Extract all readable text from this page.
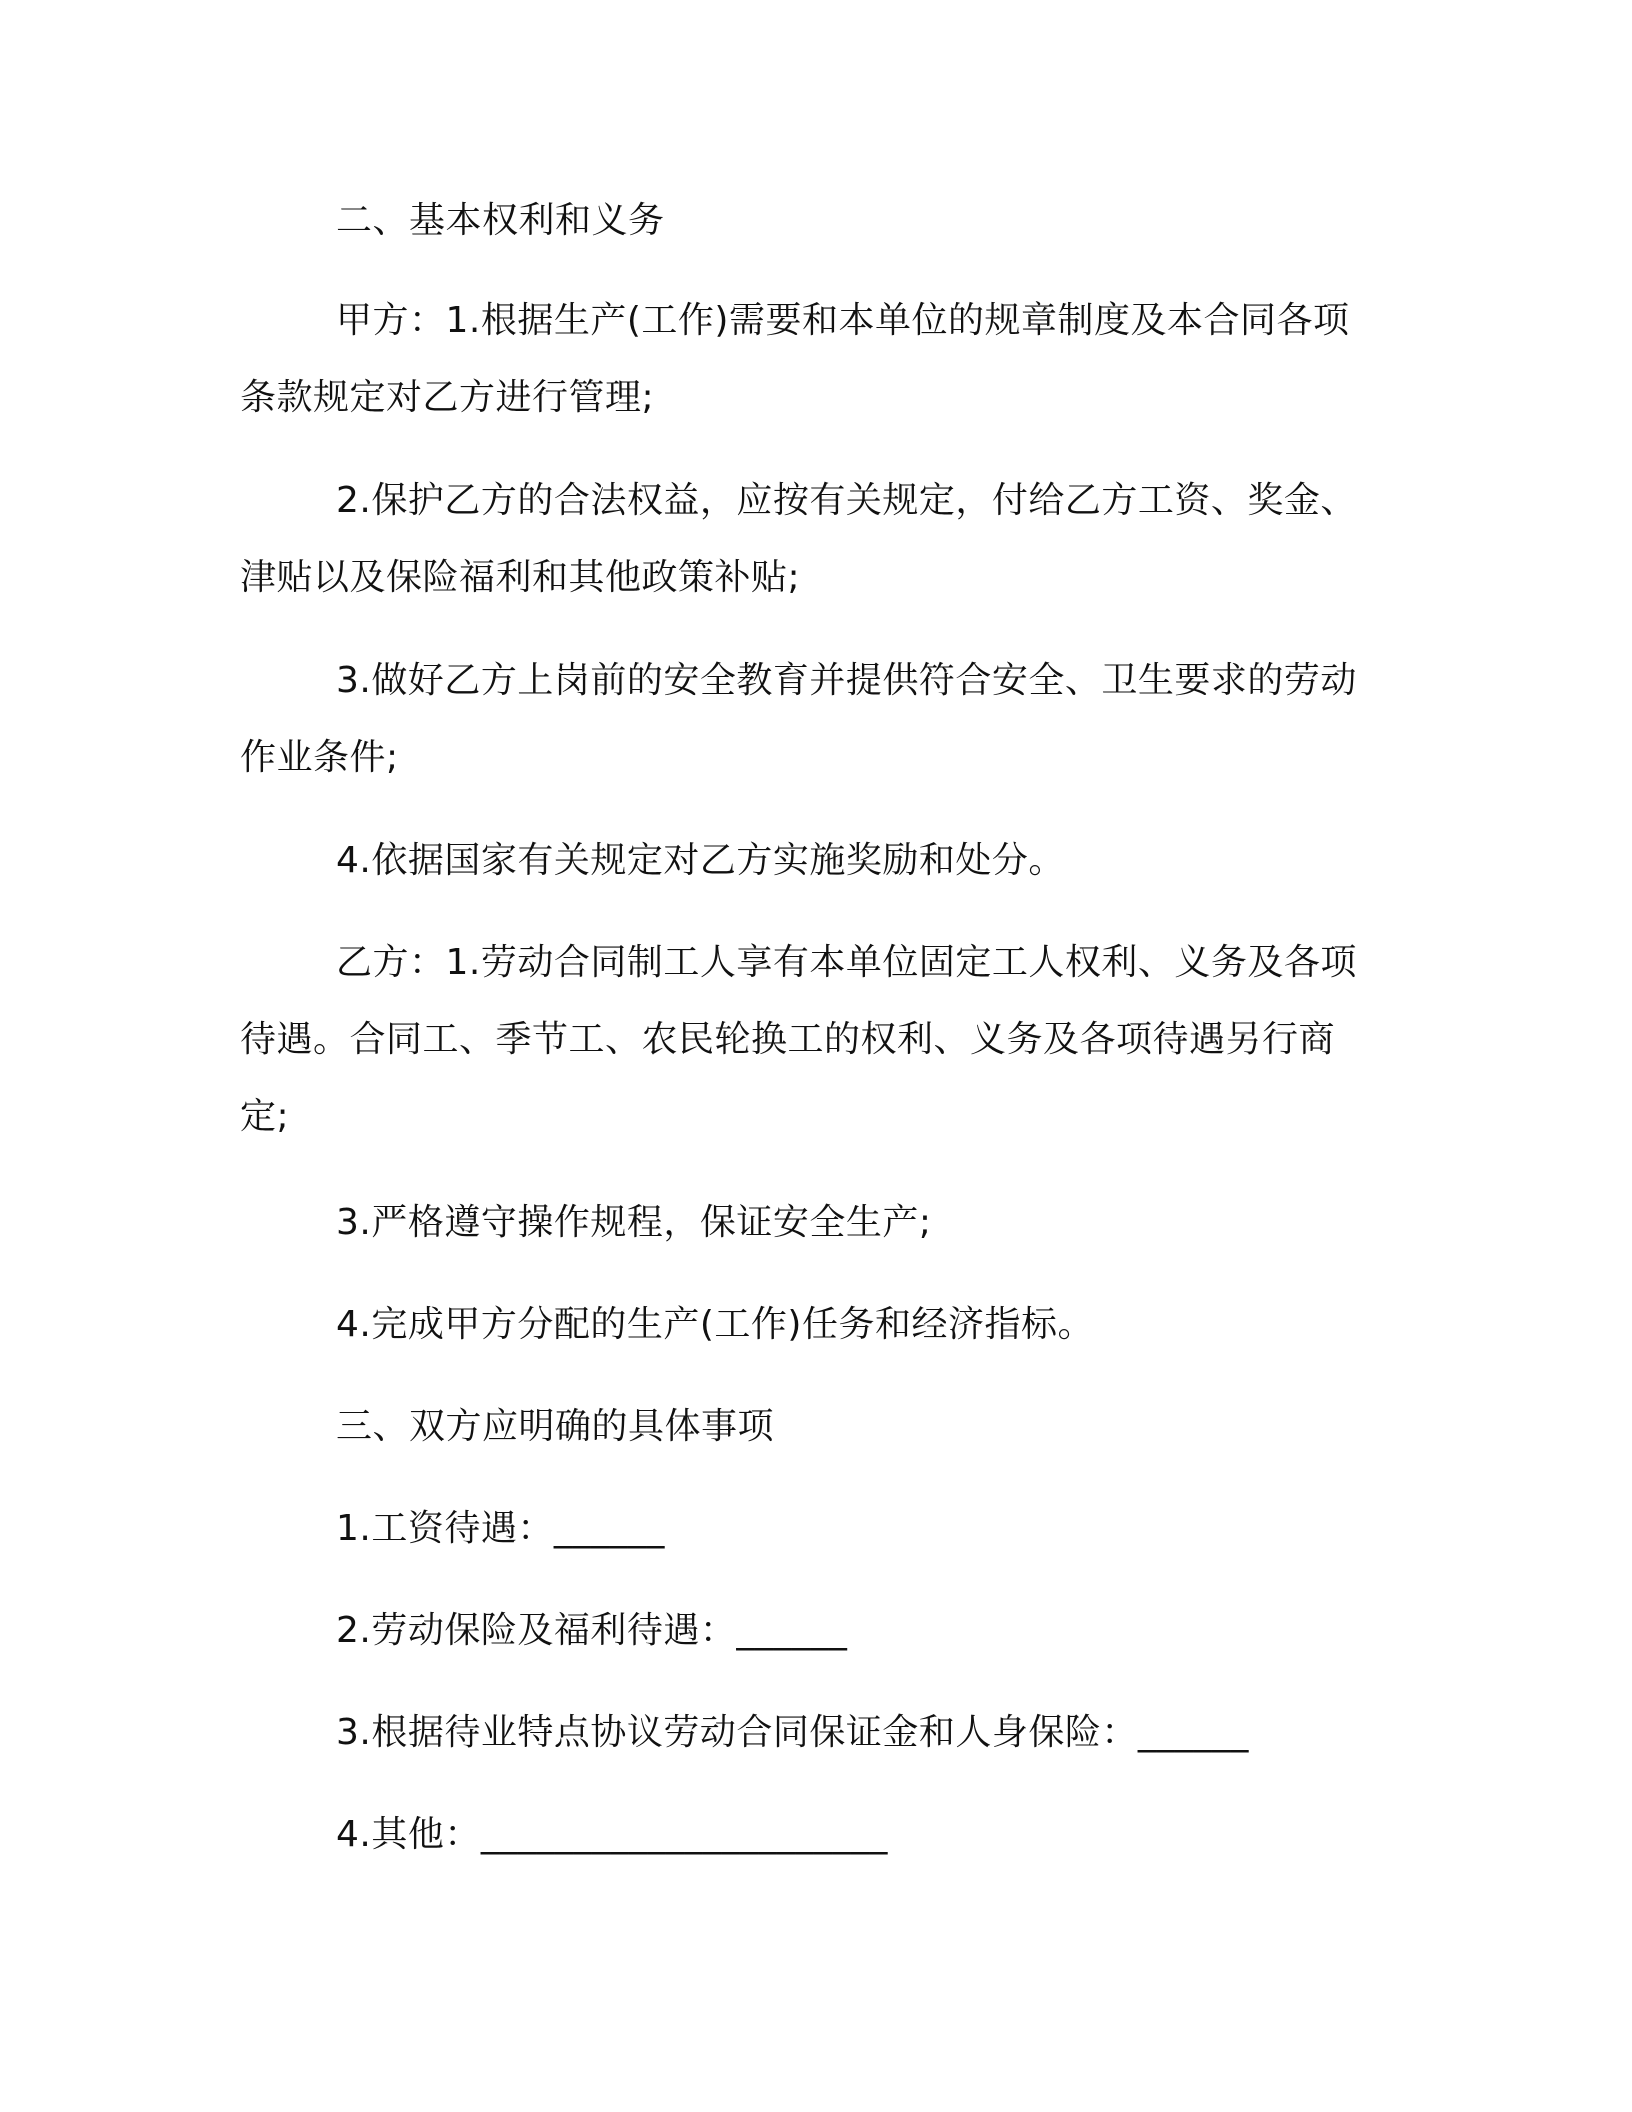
二、基本权利和义务

甲方：1.根据生产(工作)需要和本单位的规章制度及本合同各项
条款规定对乙方进行管理;

2.保护乙方的合法权益，应按有关规定，付给乙方工资、奖金、
津贴以及保险福利和其他政策补贴;

3.做好乙方上岗前的安全教育并提供符合安全、卫生要求的劳动
作业条件;

4.依据国家有关规定对乙方实施奖励和处分。

乙方：1.劳动合同制工人享有本单位固定工人权利、义务及各项
待遇。合同工、季节工、农民轮换工的权利、义务及各项待遇另行商
定;

3.严格遵守操作规程，保证安全生产;

4.完成甲方分配的生产(工作)任务和经济指标。

三、双方应明确的具体事项

1.工资待遇：______

2.劳动保险及福利待遇：______

3.根据待业特点协议劳动合同保证金和人身保险：______

4.其他：______________________
